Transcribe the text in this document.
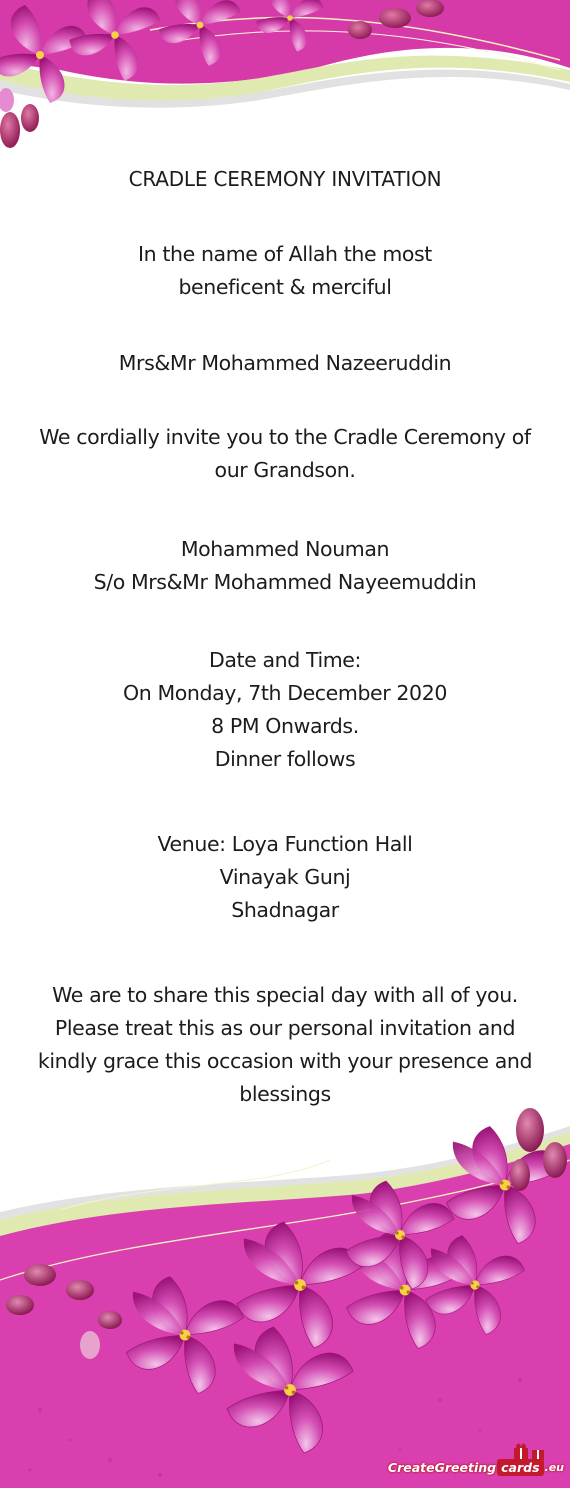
CRADLE CEREMONY INVITATION

In the name of Allah the most
beneficent & merciful

Mrs&Mr Mohammed Nazeeruddin

We cordially invite you to the Cradle Ceremony of
our Grandson.

Mohammed Nouman
S/o Mrs&Mr Mohammed Nayeemuddin

Date and Time:
On Monday, 7th December 2020
8 PM Onwards.
Dinner follows

Venue: Loya Function Hall
Vinayak Gunj
Shadnagar

We are to share this special day with all of you.
Please treat this as our personal invitation and
kindly grace this occasion with your presence and
blessings

CreateGreeting cards .eu
